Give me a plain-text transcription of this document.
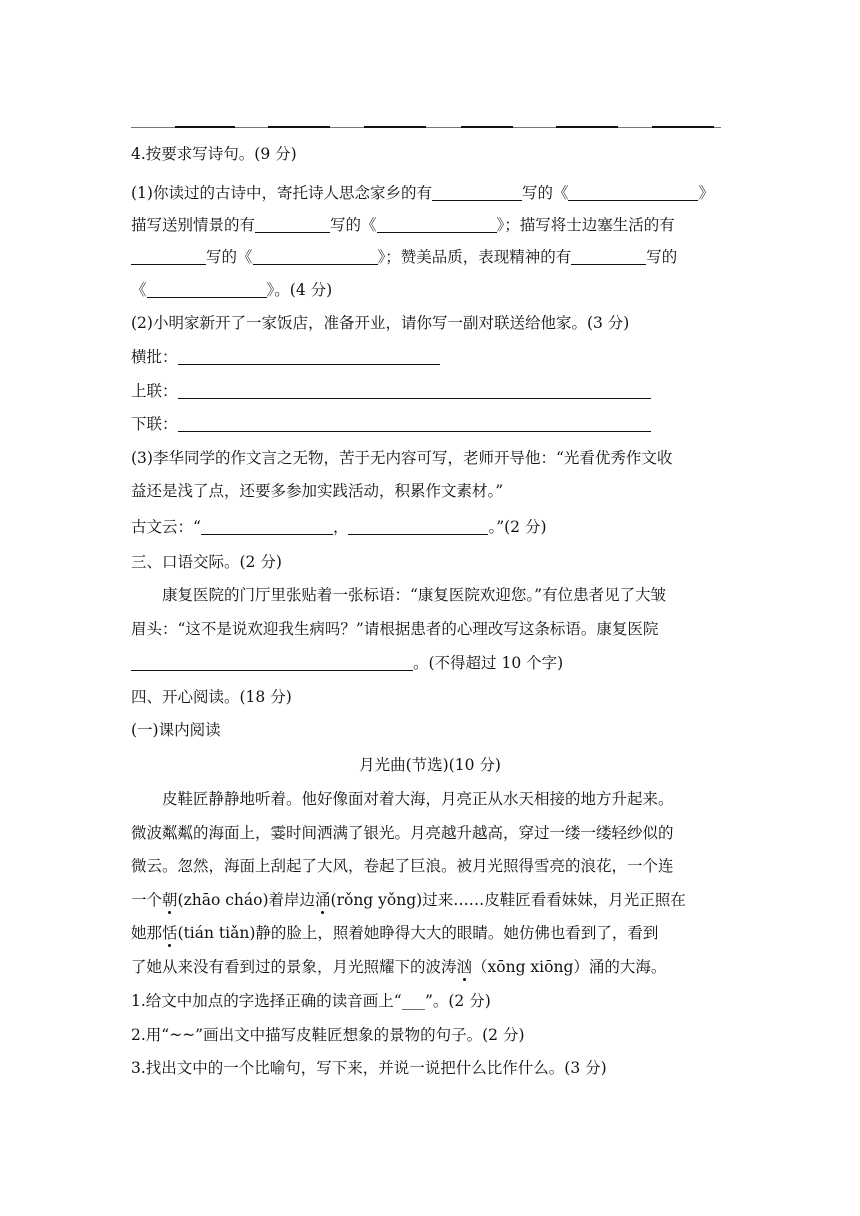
4.按要求写诗句。(9 分)
(1)你读过的古诗中，寄托诗人思念家乡的有	写的《	》
描写送别情景的有	写的《	》；描写将士边塞生活的有
写的《	》；赞美品质，表现精神的有	写的
《	》。(4 分)
(2)小明家新开了一家饭店，准备开业，请你写一副对联送给他家。(3 分)
横批：
上联：
下联：
(3)李华同学的作文言之无物，苦于无内容可写，老师开导他：“光看优秀作文收
益还是浅了点，还要多参加实践活动，积累作文素材。”
古文云：“	，	。”(2 分)
三、口语交际。(2 分)
康复医院的门厅里张贴着一张标语：“康复医院欢迎您。”有位患者见了大皱
眉头：“这不是说欢迎我生病吗？”请根据患者的心理改写这条标语。康复医院
。(不得超过 10 个字)
四、开心阅读。(18 分)
(一)课内阅读
月光曲(节选)(10 分)
皮鞋匠静静地听着。他好像面对着大海，月亮正从水天相接的地方升起来。
微波粼粼的海面上，霎时间洒满了银光。月亮越升越高，穿过一缕一缕轻纱似的
微云。忽然，海面上刮起了大风，卷起了巨浪。被月光照得雪亮的浪花，一个连
一个朝(zhāo cháo)着岸边涌(rǒng yǒng)过来……皮鞋匠看看妹妹，月光正照在
她那恬(tián tiǎn)静的脸上，照着她睁得大大的眼睛。她仿佛也看到了，看到
了她从来没有看到过的景象，月光照耀下的波涛汹（xōng xiōng）涌的大海。
1.给文中加点的字选择正确的读音画上“___”。(2 分)
2.用“~~”画出文中描写皮鞋匠想象的景物的句子。(2 分)
3.找出文中的一个比喻句，写下来，并说一说把什么比作什么。(3 分)
